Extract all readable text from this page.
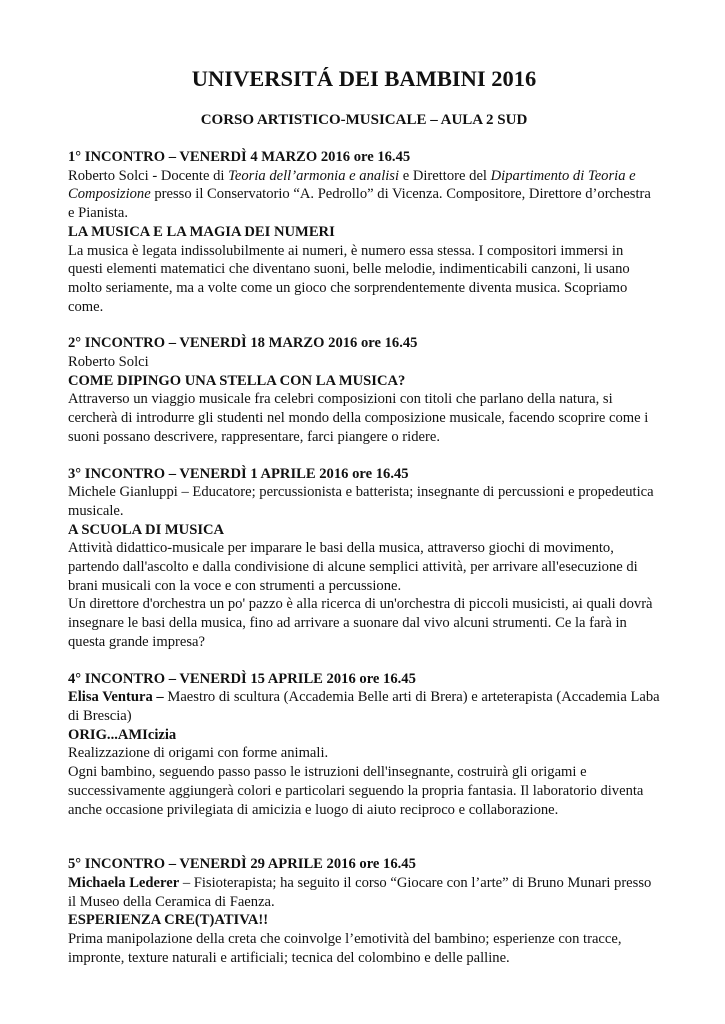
UNIVERSITÁ DEI BAMBINI 2016
CORSO ARTISTICO-MUSICALE – AULA 2 SUD

1° INCONTRO – VENERDÌ 4 MARZO 2016 ore 16.45

Roberto Solci - Docente di Teoria dell’armonia e analisi e Direttore del Dipartimento di Teoria e Composizione presso il Conservatorio “A. Pedrollo” di Vicenza. Compositore, Direttore d’orchestra e Pianista.

LA MUSICA E LA MAGIA DEI NUMERI

La musica è legata indissolubilmente ai numeri, è numero essa stessa. I compositori immersi in questi elementi matematici che diventano suoni, belle melodie, indimenticabili canzoni, li usano molto seriamente, ma a volte come un gioco che sorprendentemente diventa musica. Scopriamo come.

2° INCONTRO – VENERDÌ 18 MARZO 2016 ore 16.45

Roberto Solci

COME DIPINGO UNA STELLA CON LA MUSICA?

Attraverso un viaggio musicale fra celebri composizioni con titoli che parlano della natura, si cercherà di introdurre gli studenti nel mondo della composizione musicale, facendo scoprire come i suoni possano descrivere, rappresentare, farci piangere o ridere.

3° INCONTRO – VENERDÌ 1 APRILE 2016 ore 16.45

Michele Gianluppi – Educatore; percussionista e batterista; insegnante di percussioni e propedeutica musicale.

A SCUOLA DI MUSICA

Attività didattico-musicale per imparare le basi della musica, attraverso giochi di movimento, partendo dall'ascolto e dalla condivisione di alcune semplici attività, per arrivare all'esecuzione di brani musicali con la voce e con strumenti a percussione.

Un direttore d'orchestra un po' pazzo è alla ricerca di un'orchestra di piccoli musicisti, ai quali dovrà insegnare le basi della musica, fino ad arrivare a suonare dal vivo alcuni strumenti. Ce la farà in questa grande impresa?

4° INCONTRO – VENERDÌ 15 APRILE 2016 ore 16.45

Elisa Ventura – Maestro di scultura (Accademia Belle arti di Brera) e arteterapista (Accademia Laba di Brescia)

ORIG...AMIcizia

Realizzazione di origami con forme animali.

Ogni bambino, seguendo passo passo le istruzioni dell'insegnante, costruirà gli origami e successivamente aggiungerà colori e particolari seguendo la propria fantasia. Il laboratorio diventa anche occasione privilegiata di amicizia e luogo di aiuto reciproco e collaborazione.

5° INCONTRO – VENERDÌ 29 APRILE 2016 ore 16.45

Michaela Lederer – Fisioterapista; ha seguito il corso “Giocare con l’arte” di Bruno Munari presso il Museo della Ceramica di Faenza.

ESPERIENZA CRE(T)ATIVA!!

Prima manipolazione della creta che coinvolge l’emotività del bambino; esperienze con tracce, impronte, texture naturali e artificiali; tecnica del colombino e delle palline.
